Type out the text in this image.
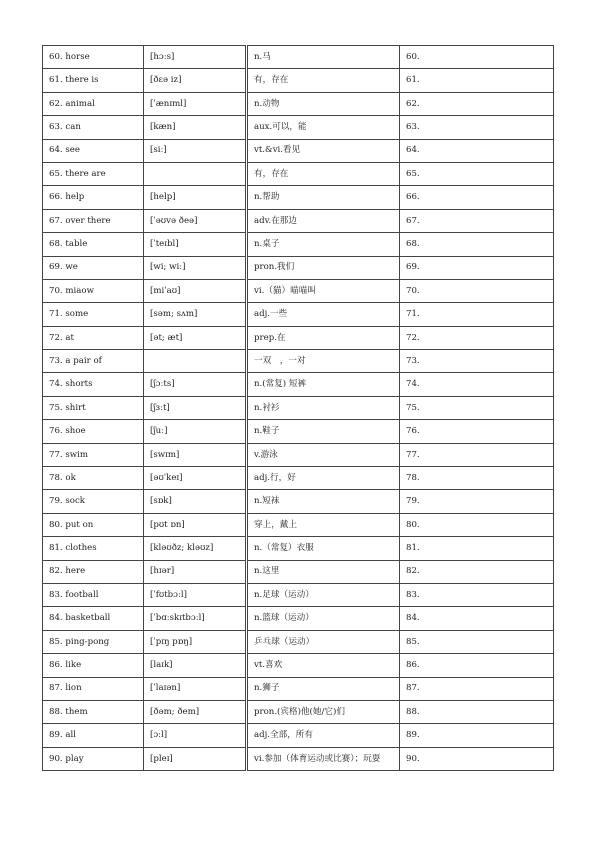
60. horse	[hɔːs]	n.马	60.
61. there is	[ðεə iz]	有，存在	61.
62. animal	[ˈænɪml]	n.动物	62.
63. can	[kæn]	aux.可以，能	63.
64. see	[siː]	vt.&vi.看见	64.
65. there are		有，存在	65.
66. help	[help]	n.帮助	66.
67. over there	[ˈəʊvə ðeə]	adv.在那边	67.
68. table	[ˈteɪbl]	n.桌子	68.
69. we	[wi; wiː]	pron.我们	69.
70. miaow	[miˈaʊ]	vi.（猫）喵喵叫	70.
71. some	[səm; sʌm]	adj.一些	71.
72. at	[ət; æt]	prep.在	72.
73. a pair of		一双　，一对	73.
74. shorts	[ʃɔːts]	n.(常复) 短裤	74.
75. shirt	[ʃɜːt]	n.衬衫	75.
76. shoe	[ʃuː]	n.鞋子	76.
77. swim	[swɪm]	v.游泳	77.
78. ok	[əʊˈkeɪ]	adj.行，好	78.
79. sock	[sɒk]	n.短袜	79.
80. put on	[pʊt ɒn]	穿上，戴上	80.
81. clothes	[kləʊðz; kləʊz]	n.（常复）衣服	81.
82. here	[hɪər]	n.这里	82.
83. football	[ˈfʊtbɔːl]	n.足球（运动）	83.
84. basketball	[ˈbɑːskɪtbɔːl]	n.篮球（运动）	84.
85. ping-pong	[ˈpɪŋ pɒŋ]	乒乓球（运动）	85.
86. like	[laɪk]	vt.喜欢	86.
87. lion	[ˈlaɪən]	n.狮子	87.
88. them	[ðəm; ðem]	pron.(宾格)他(她/它)们	88.
89. all	[ɔːl]	adj.全部，所有	89.
90. play	[pleɪ]	vi.参加（体育运动或比赛）；玩耍	90.
